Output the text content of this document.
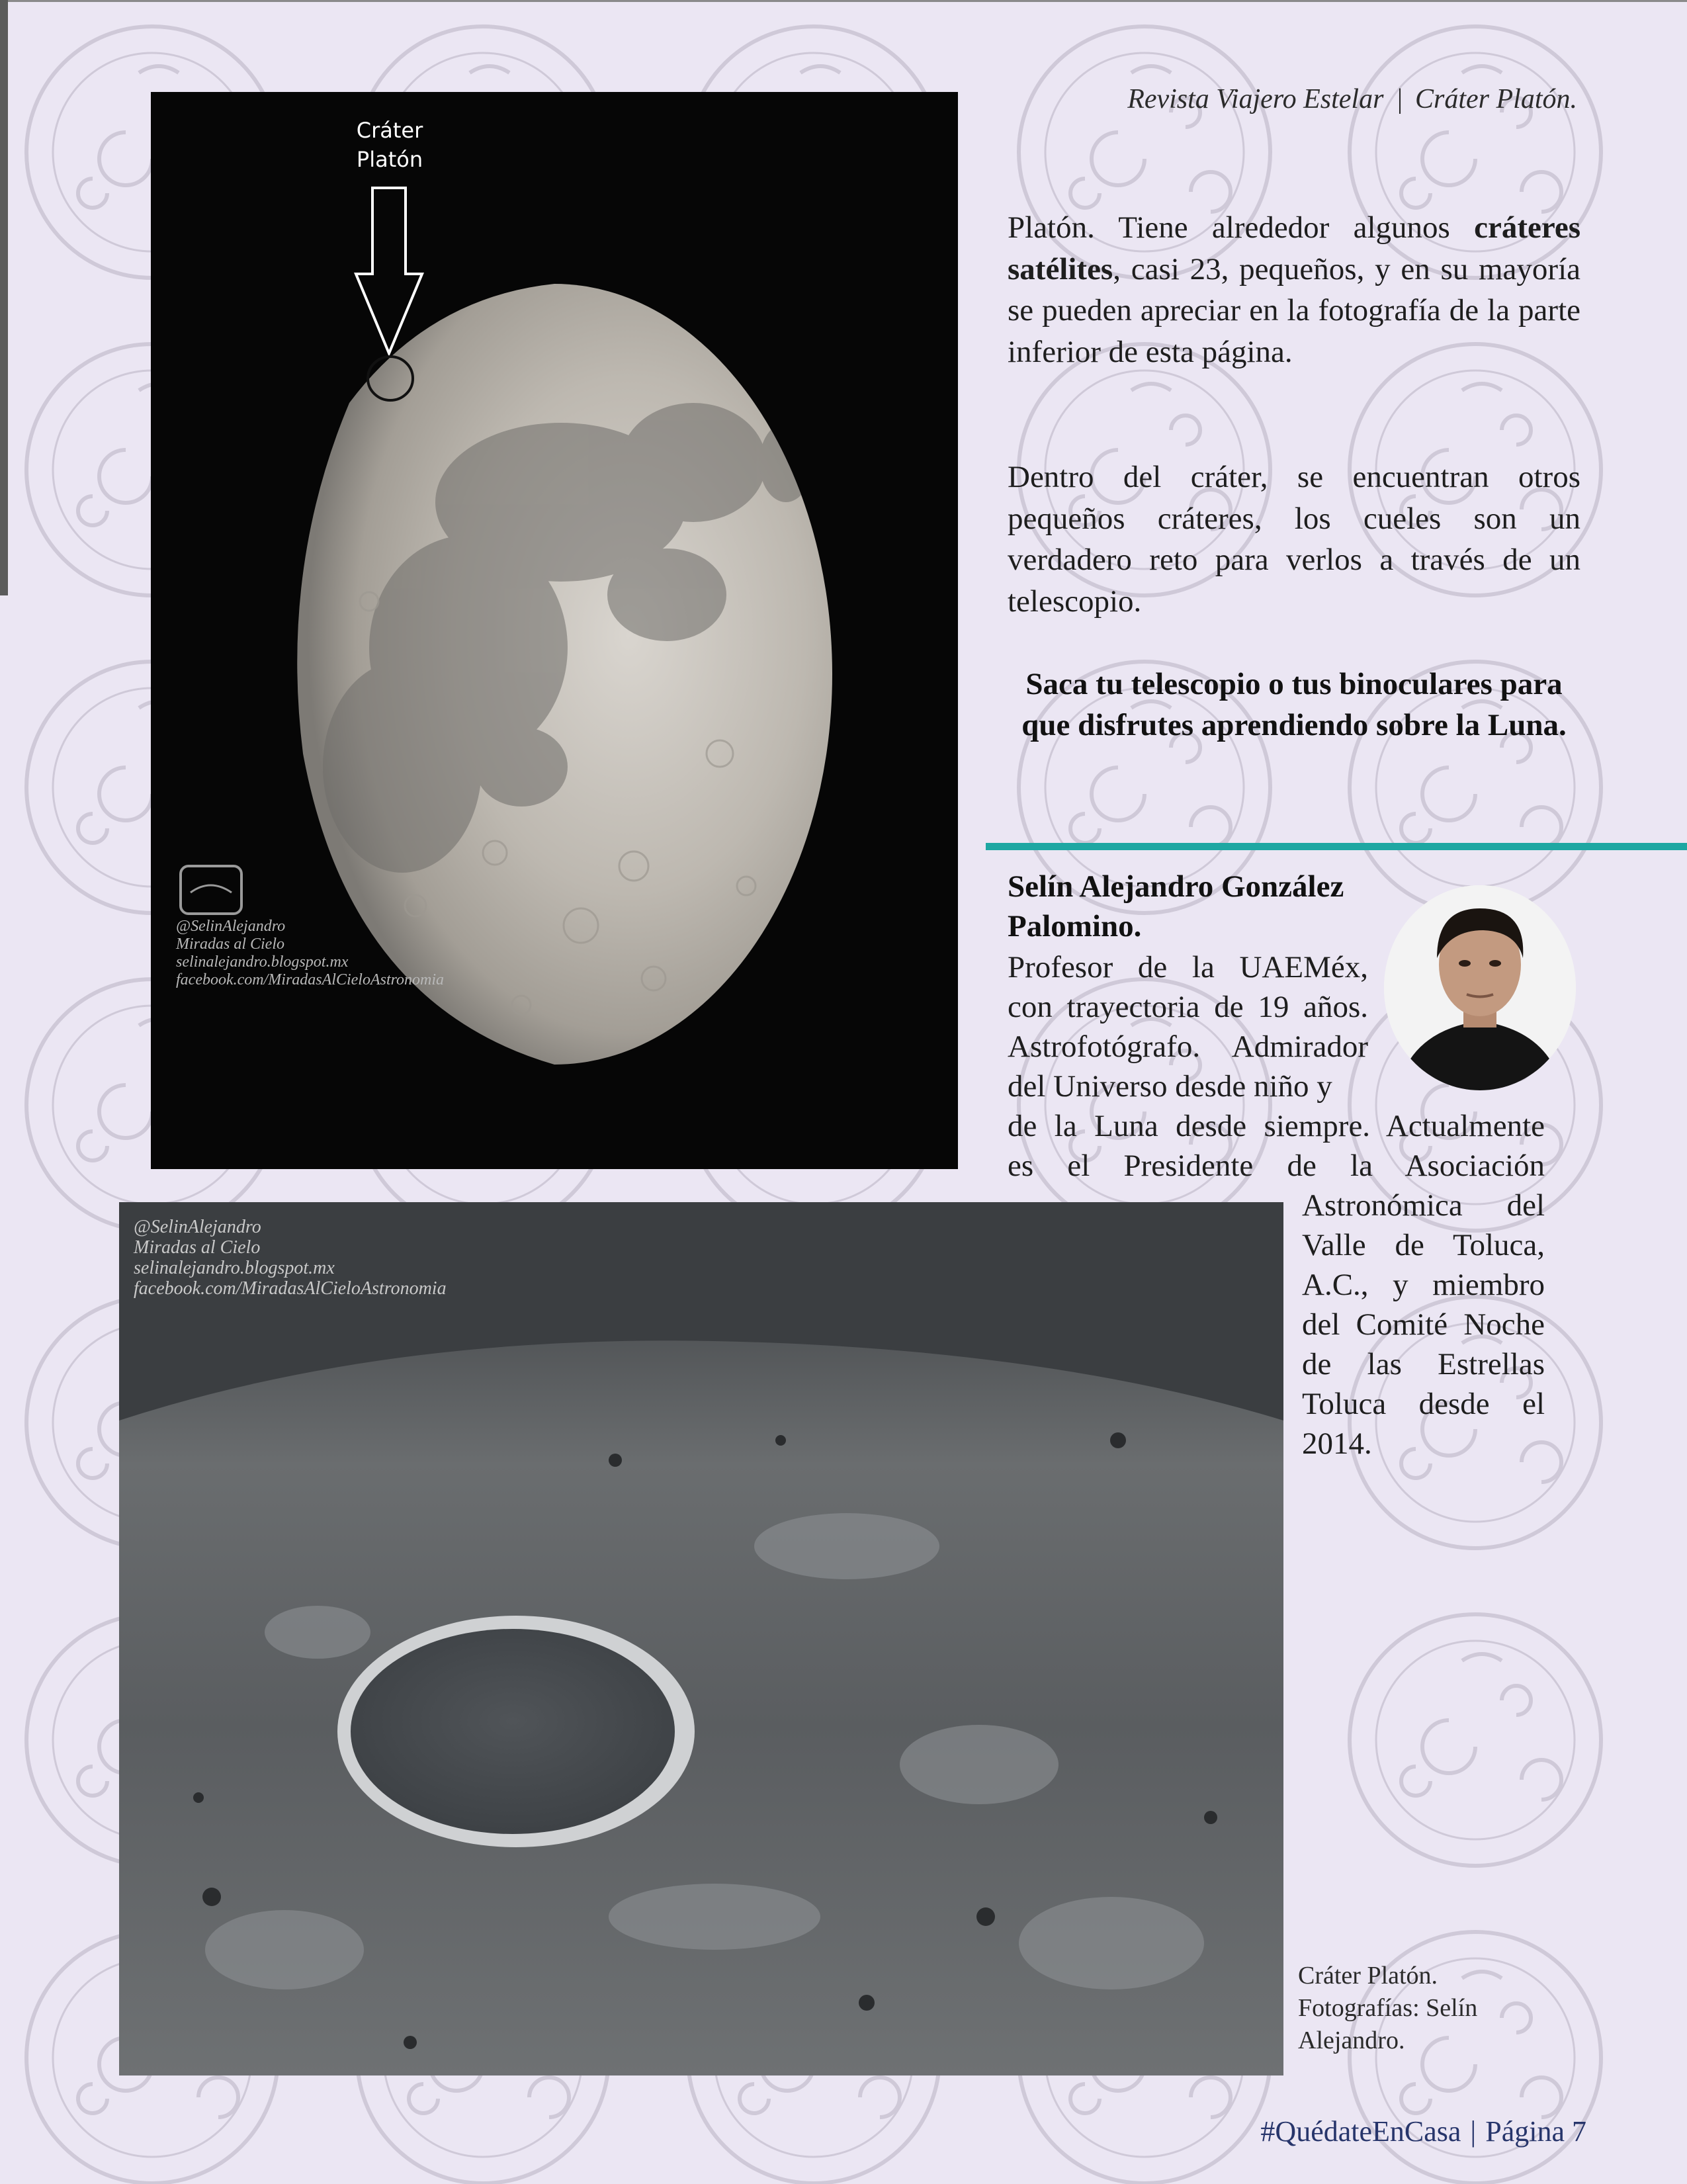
Revista Viajero Estelar | Cráter Platón.
Cráter
Platón
@SelinAlejandro
Miradas al Cielo
selinalejandro.blogspot.mx
facebook.com/MiradasAlCieloAstronomia
Platón. Tiene alrededor algunos cráteres satélites, casi 23, pequeños, y en su mayoría se pueden apreciar en la fotografía de la parte inferior de esta página.
Dentro del cráter, se encuentran otros pequeños cráteres, los cueles son un verdadero reto para verlos a través de un telescopio.
Saca tu telescopio o tus binoculares para que disfrutes aprendiendo sobre la Luna.
Selín Alejandro González Palomino.
Profesor de la UAEMéx,
con trayectoria de 19 años.
Astrofotógrafo. Admirador
del Universo desde niño y
de la Luna desde siempre. Actualmente
es el Presidente de la Asociación
Astronómica del
Valle de Toluca,
A.C., y miembro
del Comité Noche
de las Estrellas
Toluca desde el
2014.
@SelinAlejandro
Miradas al Cielo
selinalejandro.blogspot.mx
facebook.com/MiradasAlCieloAstronomia
Cráter Platón.
Fotografías: Selín
Alejandro.
#QuédateEnCasa | Página 7
